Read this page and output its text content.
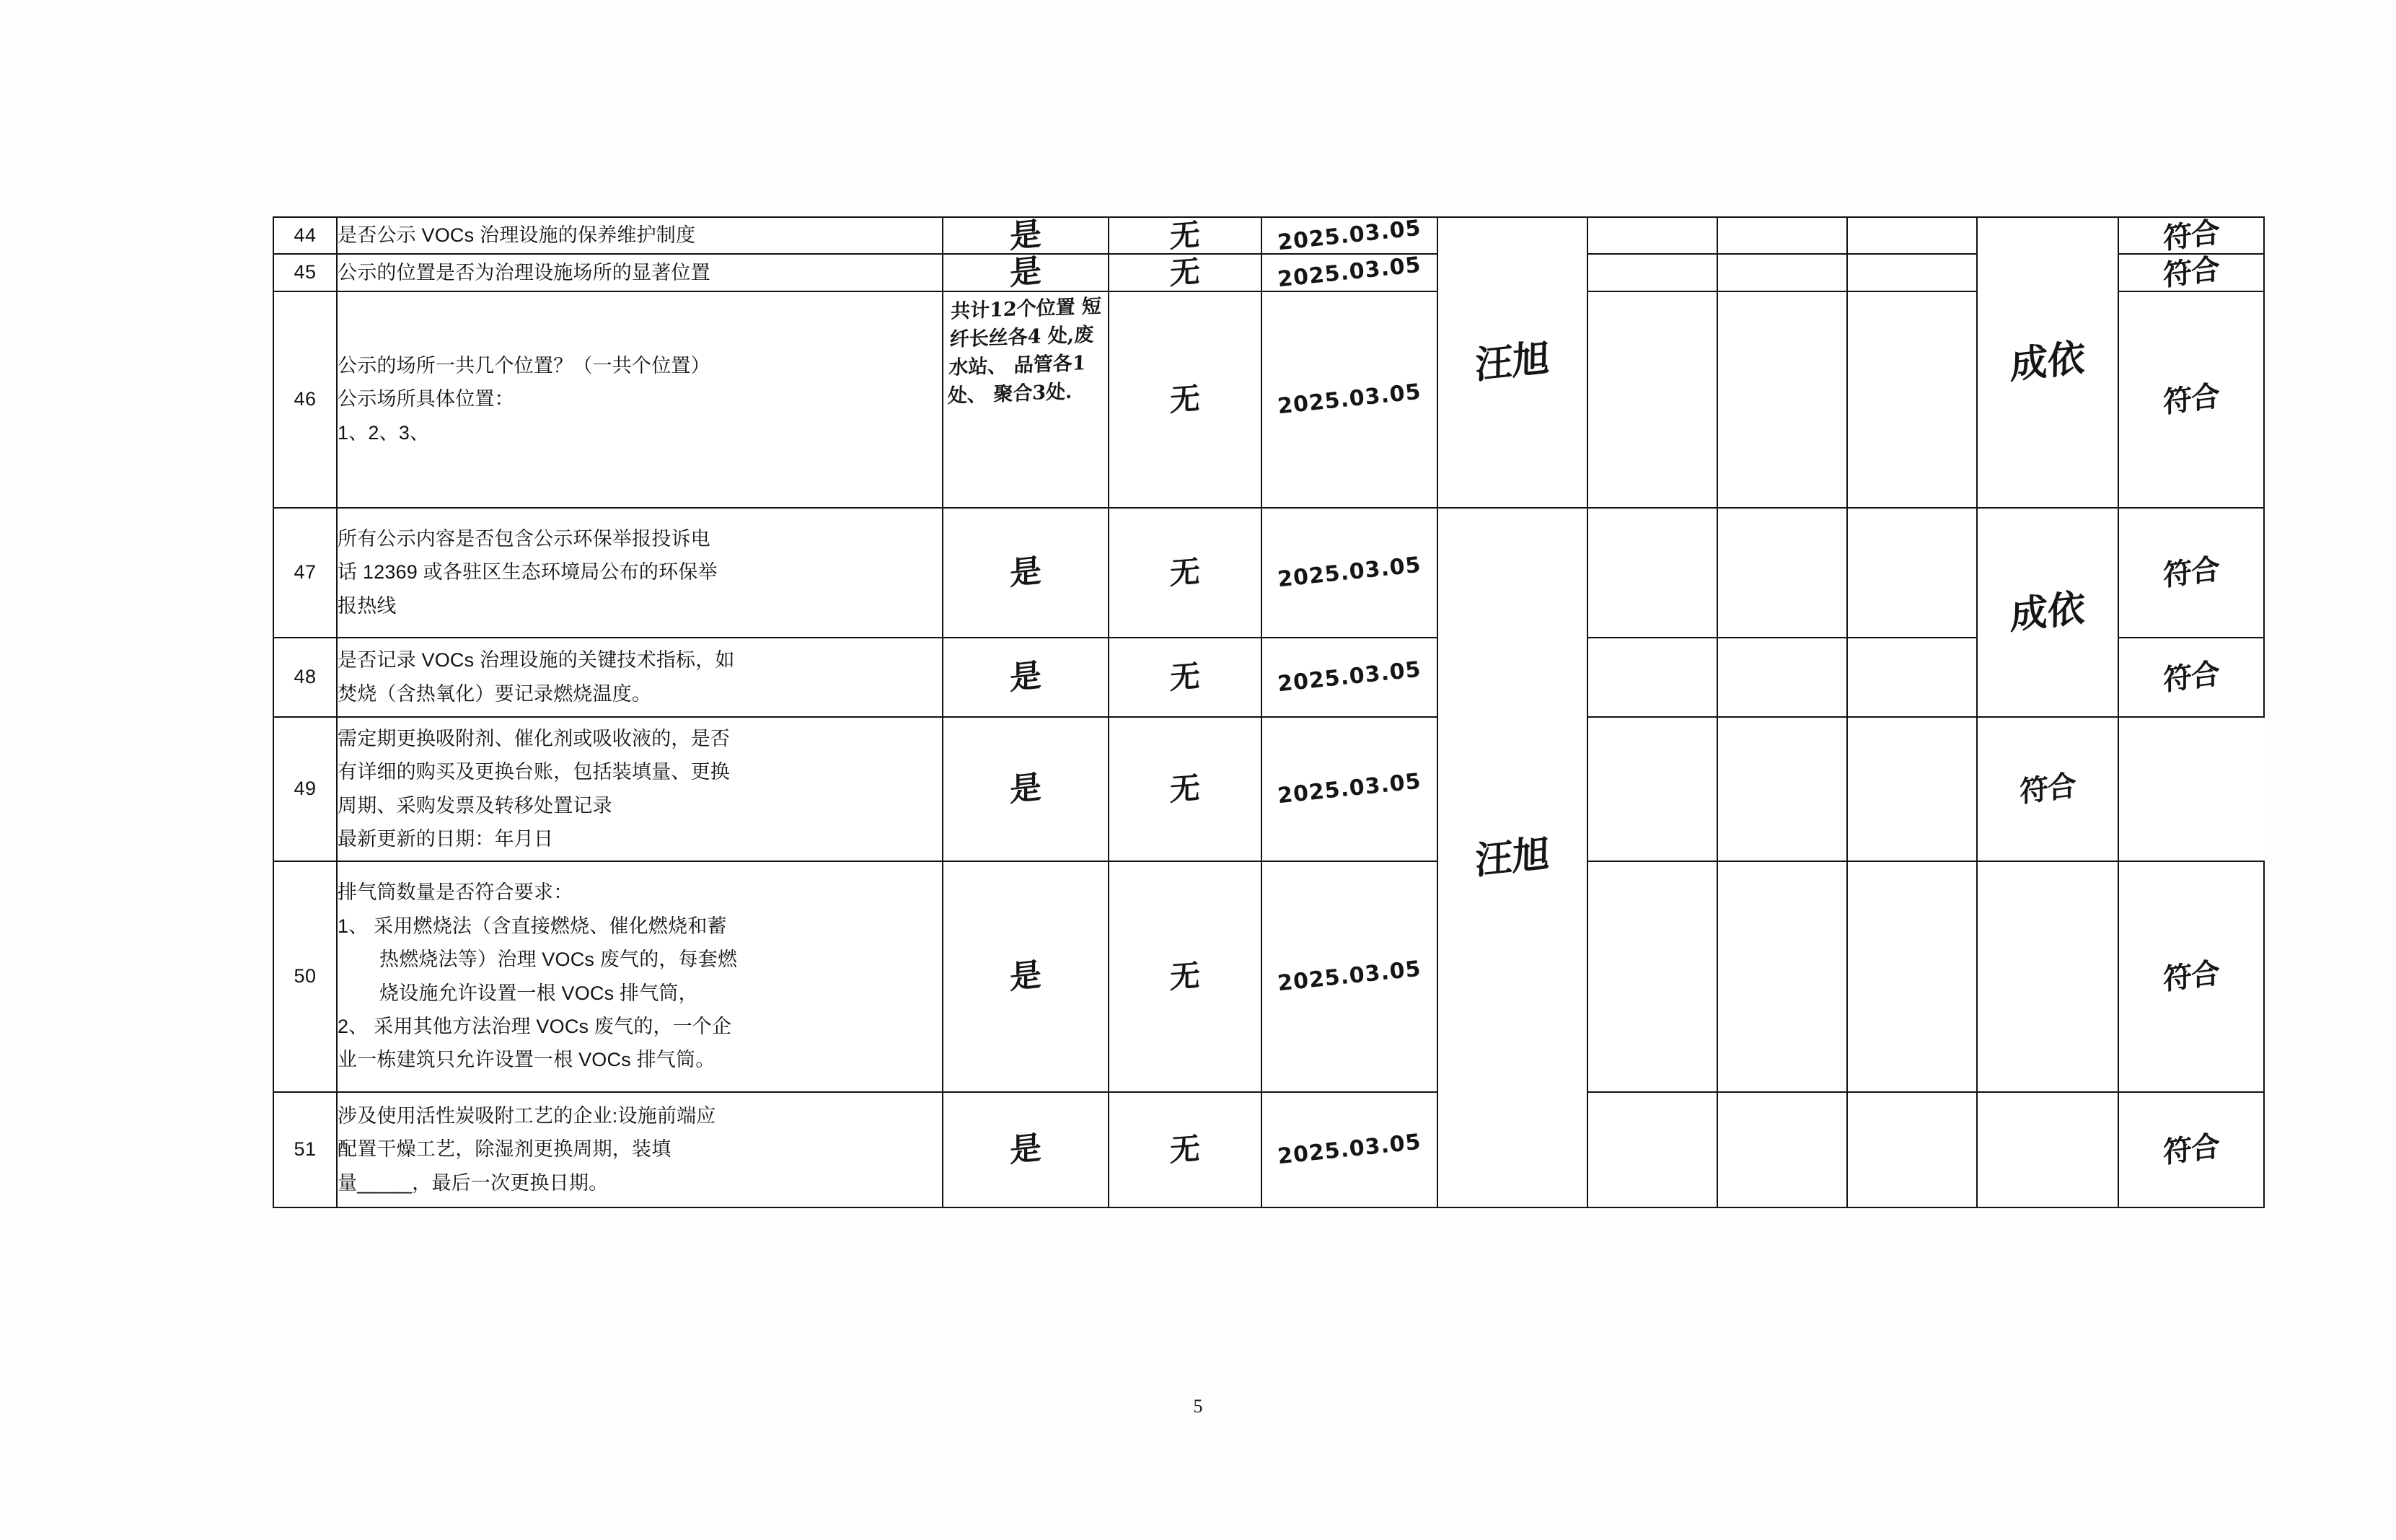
44	是否公示 VOCs 治理设施的保养维护制度	是	无	2025.03.05	汪旭				成依	符合
45	公示的位置是否为治理设施场所的显著位置	是	无	2025.03.05						符合
46	公示的场所一共几个位置？（一共个位置）
公示场所具体位置：
1、2、3、	共计12个位置 短纤长丝各4 处,废水站、 品管各1处、 聚合3处.	无	2025.03.05						符合
47	所有公示内容是否包含公示环保举报投诉电
话 12369 或各驻区生态环境局公布的环保举
报热线	是	无	2025.03.05	汪旭				成依	符合
48	是否记录 VOCs 治理设施的关键技术指标，如
焚烧（含热氧化）要记录燃烧温度。	是	无	2025.03.05						符合
49	需定期更换吸附剂、催化剂或吸收液的，是否
有详细的购买及更换台账，包括装填量、更换
周期、采购发票及转移处置记录
最新更新的日期：年月日	是	无	2025.03.05					符合	
50	
排气筒数量是否符合要求：
1、 采用燃烧法（含直接燃烧、催化燃烧和蓄
热燃烧法等）治理 VOCs 废气的，每套燃
烧设施允许设置一根 VOCs 排气筒，
2、 采用其他方法治理 VOCs 废气的，一个企
业一栋建筑只允许设置一根 VOCs 排气筒。
	是	无	2025.03.05					符合
51	涉及使用活性炭吸附工艺的企业:设施前端应
配置干燥工艺，除湿剂更换周期，装填
量_____，最后一次更换日期。	是	无	2025.03.05						符合
5
